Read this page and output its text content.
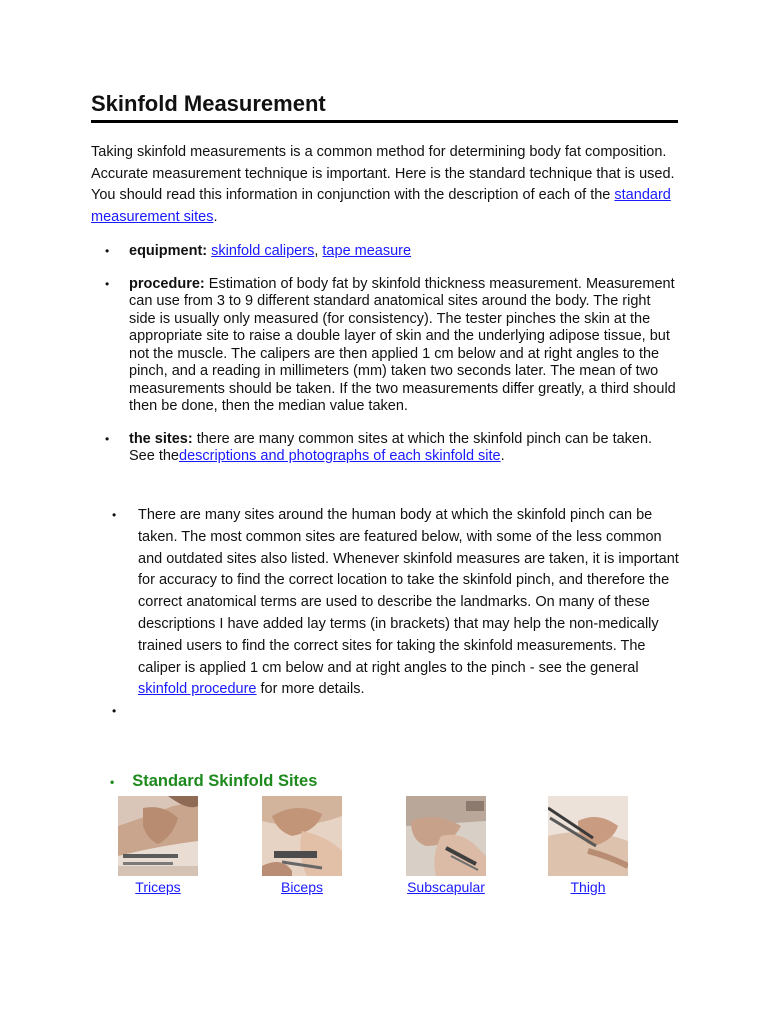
Skinfold Measurement

Taking skinfold measurements is a common method for determining body fat composition. Accurate measurement technique is important. Here is the standard technique that is used. You should read this information in conjunction with the description of each of the standard measurement sites.

• equipment: skinfold calipers, tape measure
• procedure: Estimation of body fat by skinfold thickness measurement. Measurement can use from 3 to 9 different standard anatomical sites around the body. The right side is usually only measured (for consistency). The tester pinches the skin at the appropriate site to raise a double layer of skin and the underlying adipose tissue, but not the muscle. The calipers are then applied 1 cm below and at right angles to the pinch, and a reading in millimeters (mm) taken two seconds later. The mean of two measurements should be taken. If the two measurements differ greatly, a third should then be done, then the median value taken.
• the sites: there are many common sites at which the skinfold pinch can be taken. See thedescriptions and photographs of each skinfold site.
• There are many sites around the human body at which the skinfold pinch can be taken. The most common sites are featured below, with some of the less common and outdated sites also listed. Whenever skinfold measures are taken, it is important for accuracy to find the correct location to take the skinfold pinch, and therefore the correct anatomical terms are used to describe the landmarks. On many of these descriptions I have added lay terms (in brackets) that may help the non-medically trained users to find the correct sites for taking the skinfold measurements. The caliper is applied 1 cm below and at right angles to the pinch - see the general skinfold procedure for more details.
•
• Standard Skinfold Sites
Triceps	Biceps	Subscapular	Thigh
